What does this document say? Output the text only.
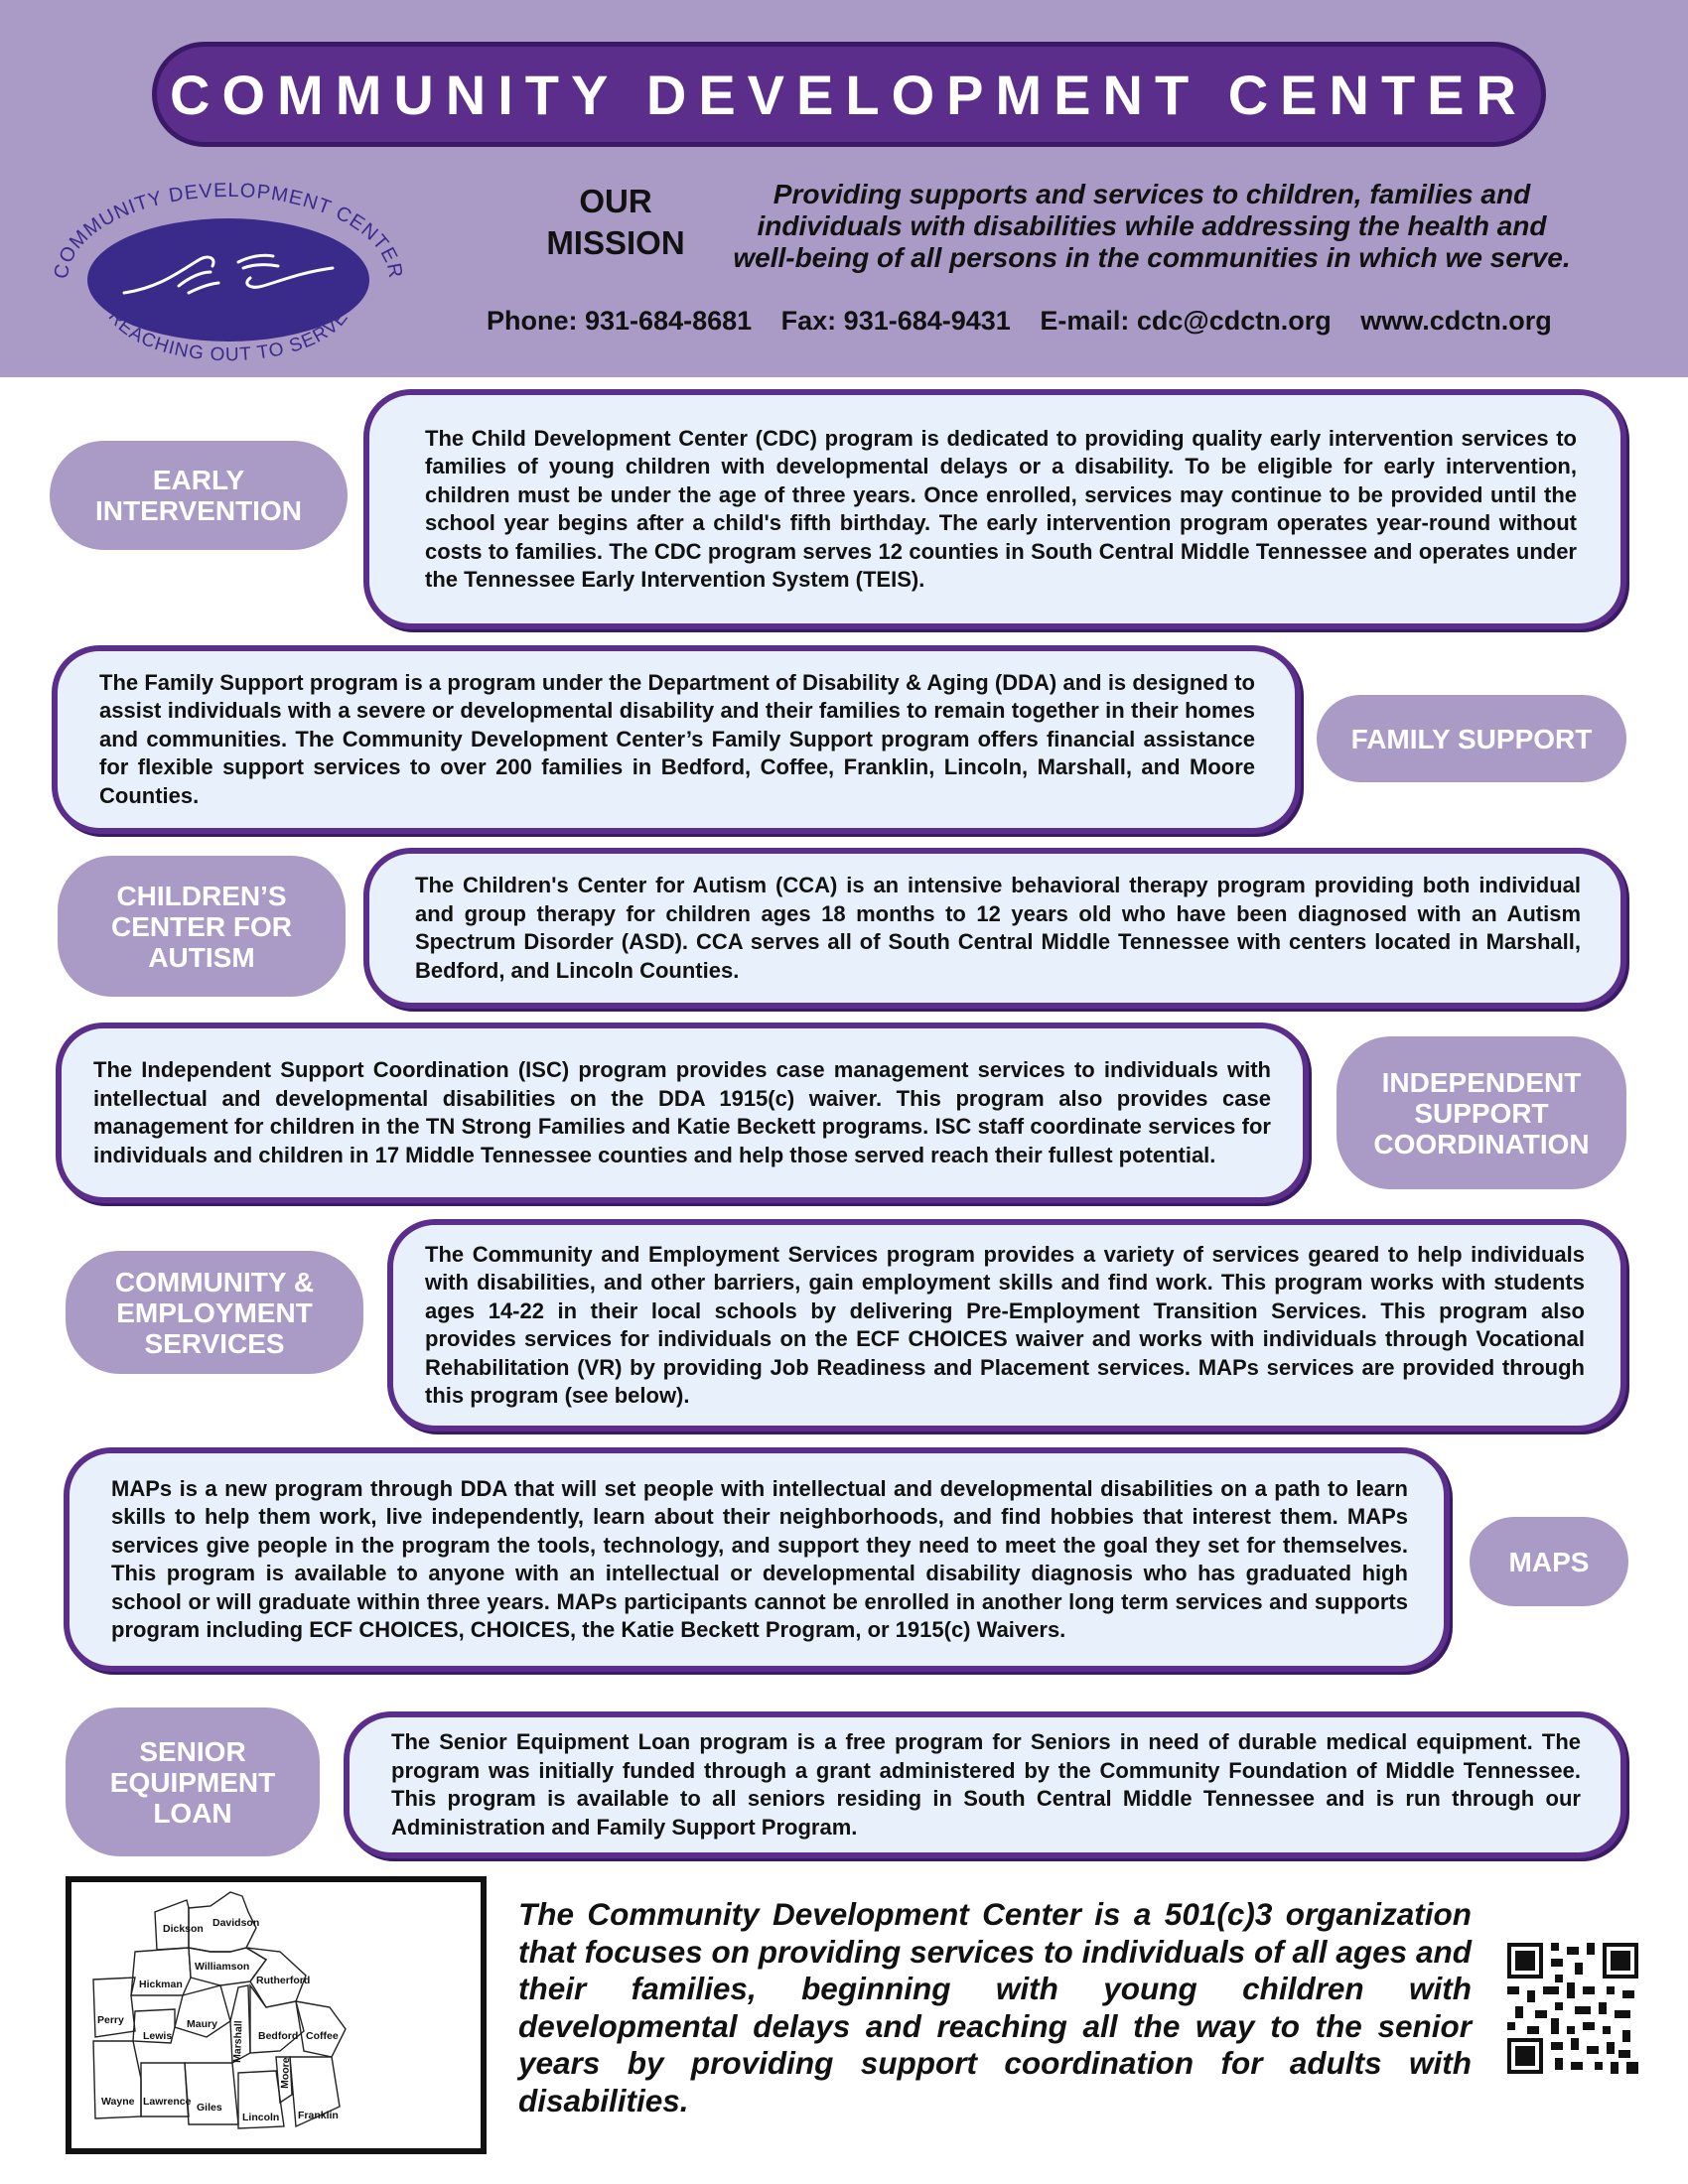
COMMUNITY DEVELOPMENT CENTER
COMMUNITY DEVELOPMENT CENTER
REACHING OUT TO SERVE
OUR MISSION
Providing supports and services to children, families and individuals with disabilities while addressing the health and well-being of all persons in the communities in which we serve.
Phone: 931-684-8681 Fax: 931-684-9431 E-mail: cdc@cdctn.org www.cdctn.org
EARLY INTERVENTION

The Child Development Center (CDC) program is dedicated to providing quality early intervention services to families of young children with developmental delays or a disability. To be eligible for early intervention, children must be under the age of three years. Once enrolled, services may continue to be provided until the school year begins after a child's fifth birthday. The early intervention program operates year-round without costs to families. The CDC program serves 12 counties in South Central Middle Tennessee and operates under the Tennessee Early Intervention System (TEIS).

The Family Support program is a program under the Department of Disability & Aging (DDA) and is designed to assist individuals with a severe or developmental disability and their families to remain together in their homes and communities. The Community Development Center’s Family Support program offers financial assistance for flexible support services to over 200 families in Bedford, Coffee, Franklin, Lincoln, Marshall, and Moore Counties.

FAMILY SUPPORT
CHILDREN’S CENTER FOR AUTISM

The Children's Center for Autism (CCA) is an intensive behavioral therapy program providing both individual and group therapy for children ages 18 months to 12 years old who have been diagnosed with an Autism Spectrum Disorder (ASD). CCA serves all of South Central Middle Tennessee with centers located in Marshall, Bedford, and Lincoln Counties.

The Independent Support Coordination (ISC) program provides case management services to individuals with intellectual and developmental disabilities on the DDA 1915(c) waiver. This program also provides case management for children in the TN Strong Families and Katie Beckett programs. ISC staff coordinate services for individuals and children in 17 Middle Tennessee counties and help those served reach their fullest potential.

INDEPENDENT SUPPORT COORDINATION
COMMUNITY & EMPLOYMENT SERVICES

The Community and Employment Services program provides a variety of services geared to help individuals with disabilities, and other barriers, gain employment skills and find work. This program works with students ages 14-22 in their local schools by delivering Pre-Employment Transition Services. This program also provides services for individuals on the ECF CHOICES waiver and works with individuals through Vocational Rehabilitation (VR) by providing Job Readiness and Placement services. MAPs services are provided through this program (see below).

MAPs is a new program through DDA that will set people with intellectual and developmental disabilities on a path to learn skills to help them work, live independently, learn about their neighborhoods, and find hobbies that interest them. MAPs services give people in the program the tools, technology, and support they need to meet the goal they set for themselves. This program is available to anyone with an intellectual or developmental disability diagnosis who has graduated high school or will graduate within three years. MAPs participants cannot be enrolled in another long term services and supports program including ECF CHOICES, CHOICES, the Katie Beckett Program, or 1915(c) Waivers.

MAPS
SENIOR EQUIPMENT LOAN

The Senior Equipment Loan program is a free program for Seniors in need of durable medical equipment. The program was initially funded through a grant administered by the Community Foundation of Middle Tennessee. This program is available to all seniors residing in South Central Middle Tennessee and is run through our Administration and Family Support Program.

Dickson Davidson
Williamson
Hickman	Rutherford
Perry	Maury
Lewis	Marshall Bedford Coffee
Wayne Lawrence Giles
Lincoln
Moore
Franklin
The Community Development Center is a 501(c)3 organization that focuses on providing services to individuals of all ages and their families, beginning with young children with developmental delays and reaching all the way to the senior years by providing support coordination for adults with disabilities.
